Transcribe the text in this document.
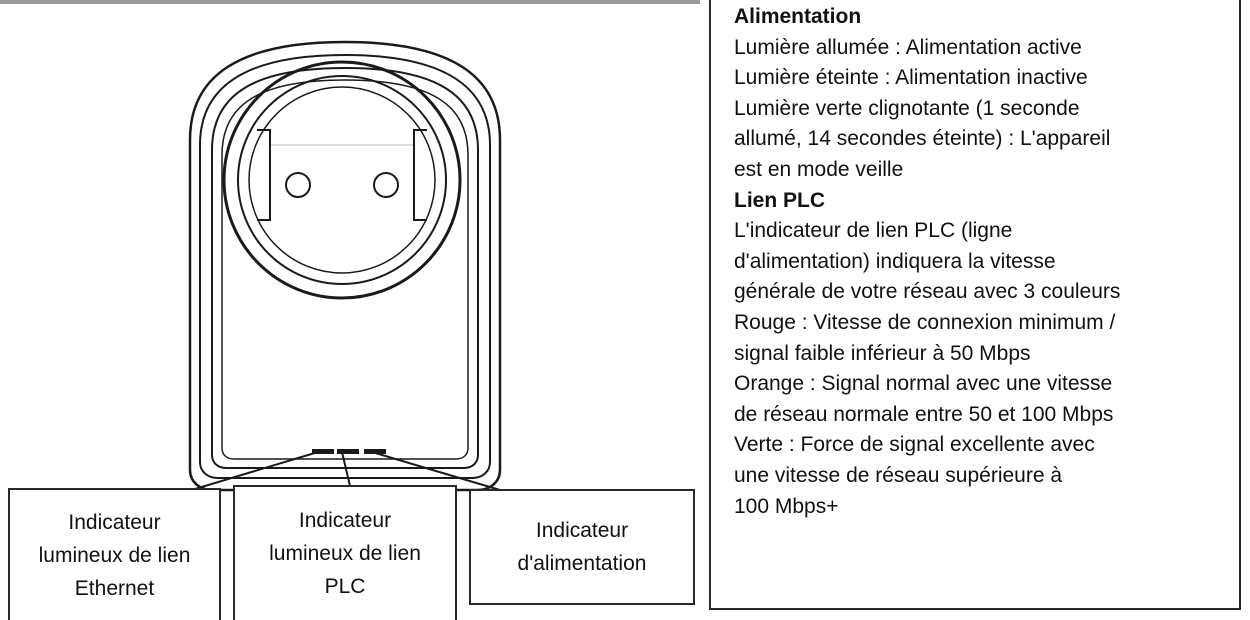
Indicateur
lumineux de lien
Ethernet
Indicateur
lumineux de lien
PLC
Indicateur
d'alimentation

Alimentation

Lumière allumée : Alimentation active

Lumière éteinte : Alimentation inactive

Lumière verte clignotante (1 seconde

allumé, 14 secondes éteinte) : L'appareil

est en mode veille

Lien PLC

L'indicateur de lien PLC (ligne

d'alimentation) indiquera la vitesse

générale de votre réseau avec 3 couleurs

Rouge : Vitesse de connexion minimum /

signal faible inférieur à 50 Mbps

Orange : Signal normal avec une vitesse

de réseau normale entre 50 et 100 Mbps

Verte : Force de signal excellente avec

une vitesse de réseau supérieure à

100 Mbps+
